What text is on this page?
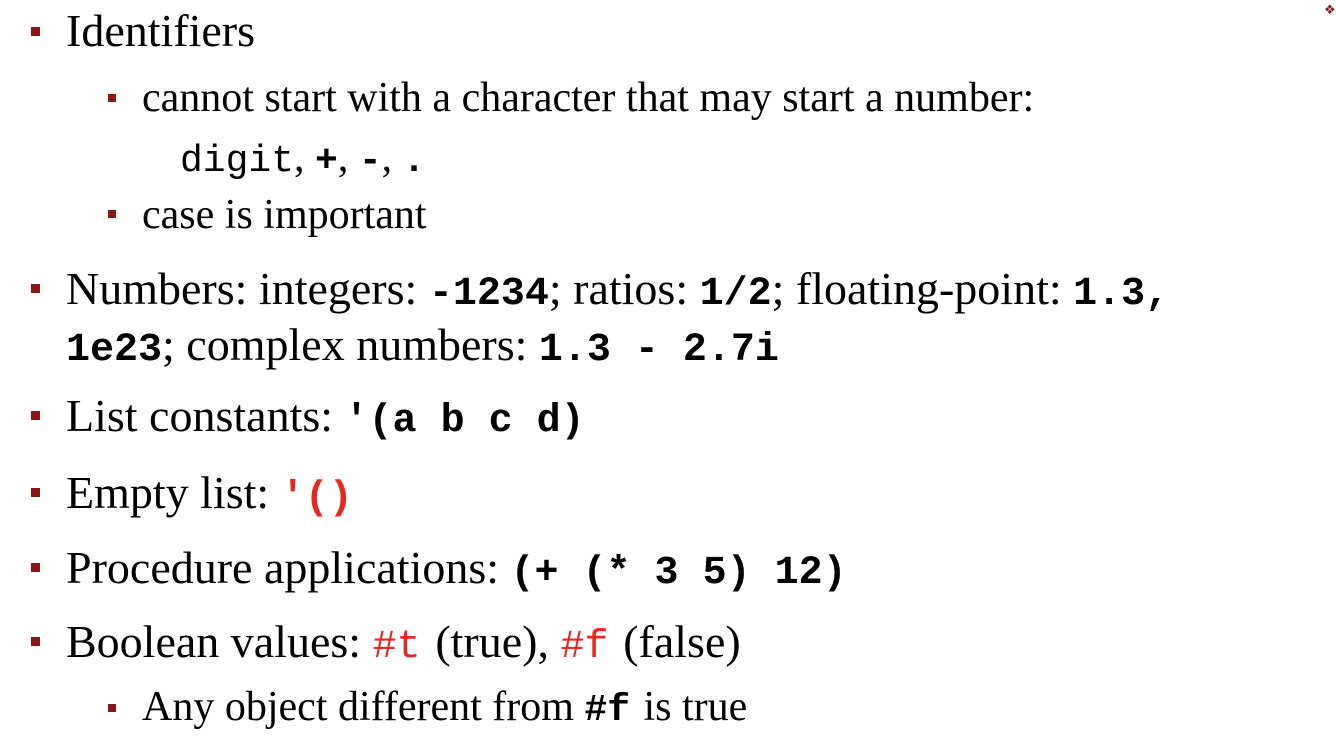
Identifiers
cannot start with a character that may start a number:
digit, +, -, .
case is important
Numbers: integers: -1234; ratios: 1/2; floating-point: 1.3,
1e23; complex numbers: 1.3 - 2.7i
List constants: '(a b c d)
Empty list: '()
Procedure applications: (+ (* 3 5) 12)
Boolean values: #t (true), #f (false)
Any object different from #f is true
❖
